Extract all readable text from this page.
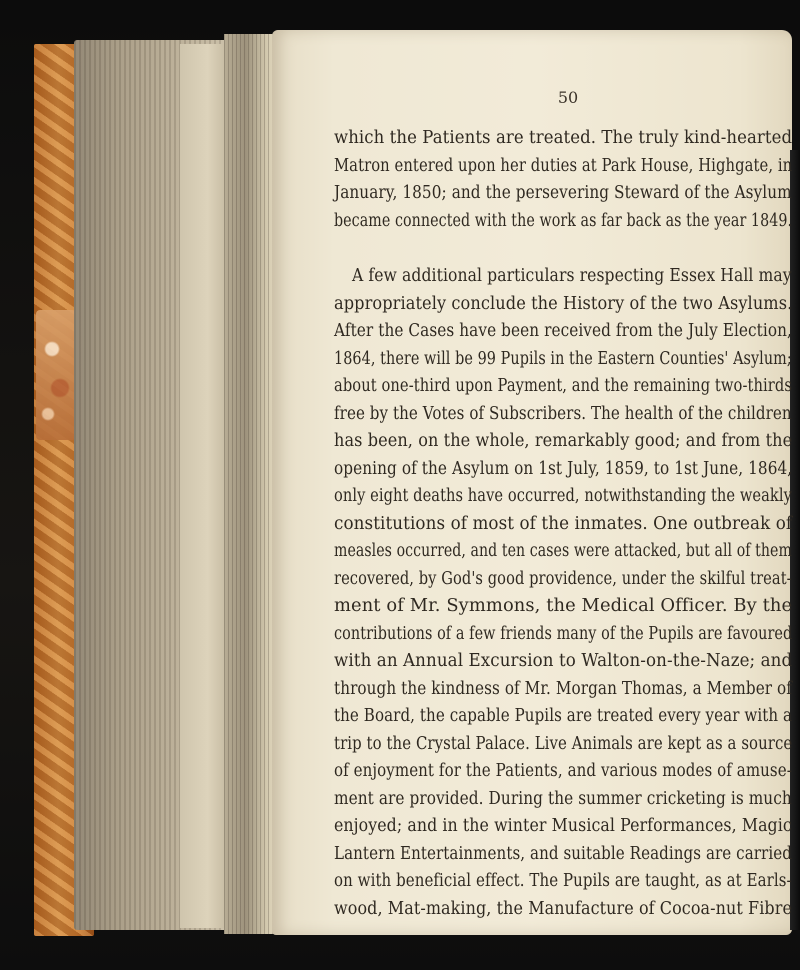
50
which the Patients are treated. The truly kind-hearted
Matron entered upon her duties at Park House, Highgate, in
January, 1850; and the persevering Steward of the Asylum
became connected with the work as far back as the year 1849.
A few additional particulars respecting Essex Hall may
appropriately conclude the History of the two Asylums.
After the Cases have been received from the July Election,
1864, there will be 99 Pupils in the Eastern Counties' Asylum;
about one-third upon Payment, and the remaining two-thirds
free by the Votes of Subscribers. The health of the children
has been, on the whole, remarkably good; and from the
opening of the Asylum on 1st July, 1859, to 1st June, 1864,
only eight deaths have occurred, notwithstanding the weakly
constitutions of most of the inmates. One outbreak of
measles occurred, and ten cases were attacked, but all of them
recovered, by God's good providence, under the skilful treat-
ment of Mr. Symmons, the Medical Officer. By the
contributions of a few friends many of the Pupils are favoured
with an Annual Excursion to Walton-on-the-Naze; and
through the kindness of Mr. Morgan Thomas, a Member of
the Board, the capable Pupils are treated every year with a
trip to the Crystal Palace. Live Animals are kept as a source
of enjoyment for the Patients, and various modes of amuse-
ment are provided. During the summer cricketing is much
enjoyed; and in the winter Musical Performances, Magic
Lantern Entertainments, and suitable Readings are carried
on with beneficial effect. The Pupils are taught, as at Earls-
wood, Mat-making, the Manufacture of Cocoa-nut Fibre
